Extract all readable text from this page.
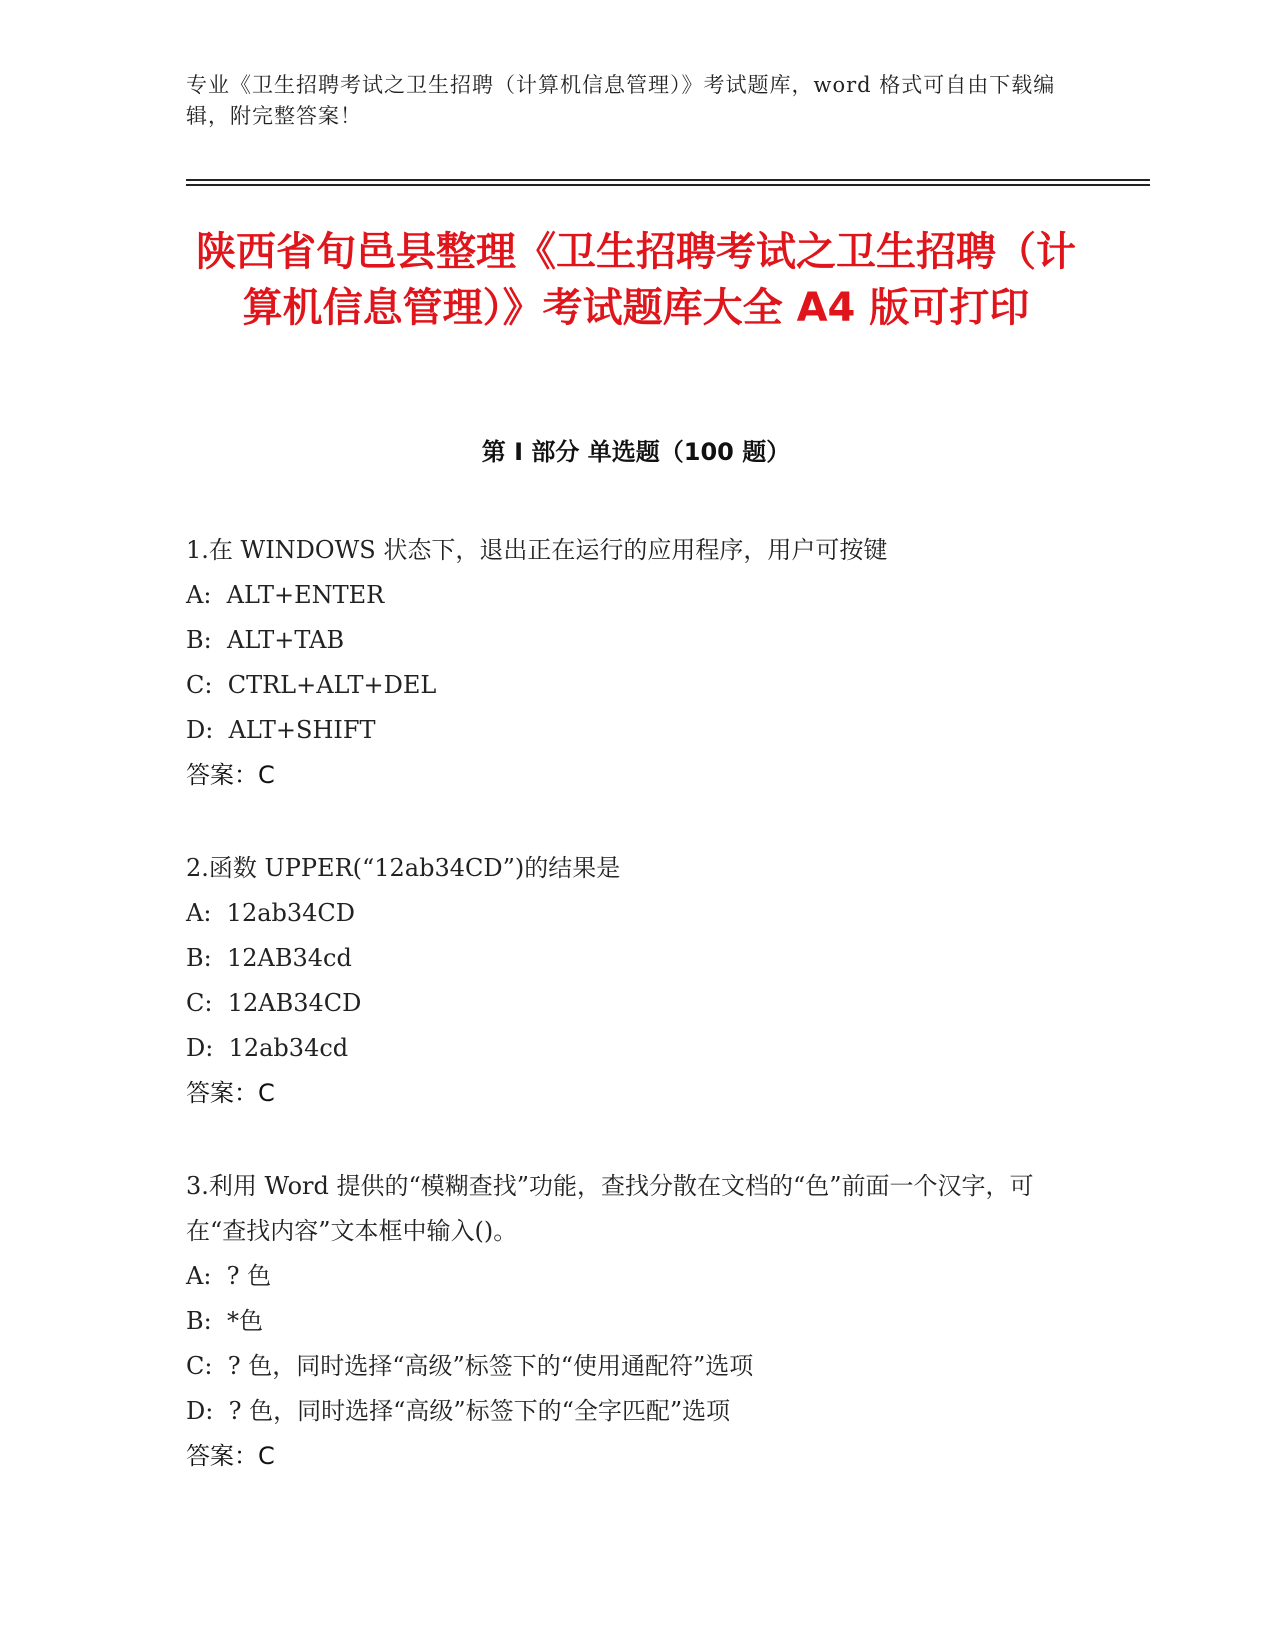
专业《卫生招聘考试之卫生招聘（计算机信息管理）》考试题库，word 格式可自由下载编辑，附完整答案！
陕西省旬邑县整理《卫生招聘考试之卫生招聘（计算机信息管理）》考试题库大全 A4 版可打印
第 I 部分 单选题（100 题）

1.在 WINDOWS 状态下，退出正在运行的应用程序，用户可按键

A:  ALT+ENTER

B:  ALT+TAB

C:  CTRL+ALT+DEL

D:  ALT+SHIFT

答案：C

2.函数 UPPER(“12ab34CD”)的结果是

A:  12ab34CD

B:  12AB34cd

C:  12AB34CD

D:  12ab34cd

答案：C

3.利用 Word 提供的“模糊查找”功能，查找分散在文档的“色”前面一个汉字，可在“查找内容”文本框中输入()。

A:  ? 色

B:  *色

C:  ? 色，同时选择“高级”标签下的“使用通配符”选项

D:  ? 色，同时选择“高级”标签下的“全字匹配”选项

答案：C
